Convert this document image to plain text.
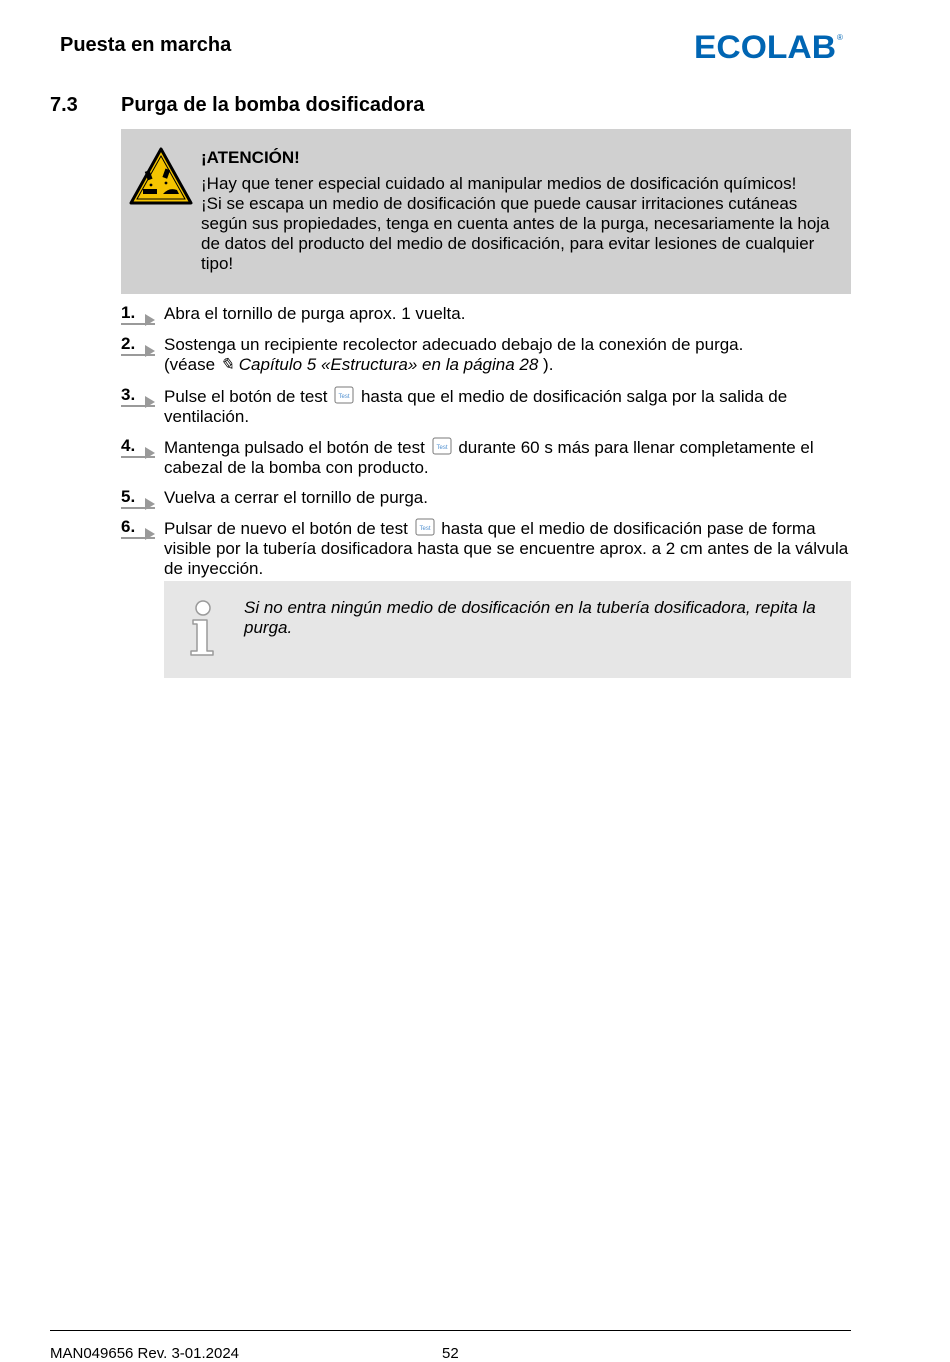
Puesta en marcha	ECOLAB ®
7.3 Purga de la bomba dosificadora
¡ATENCIÓN!
¡Hay que tener especial cuidado al manipular medios de dosificación químicos!
¡Si se escapa un medio de dosificación que puede causar irritaciones cutáneas según sus propiedades, tenga en cuenta antes de la purga, necesariamente la hoja de datos del producto del medio de dosificación, para evitar lesiones de cualquier tipo!
1.	Abra el tornillo de purga aprox. 1 vuelta.
2.	Sostenga un recipiente recolector adecuado debajo de la conexión de purga.
(véase ✎ Capítulo 5 «Estructura» en la página 28 ).
3.	Pulse el botón de test Test hasta que el medio de dosificación salga por la salida de ventilación.
4.	Mantenga pulsado el botón de test Test durante 60 s más para llenar completamente el cabezal de la bomba con producto.
5.	Vuelva a cerrar el tornillo de purga.
6.	Pulsar de nuevo el botón de test Test hasta que el medio de dosificación pase de forma visible por la tubería dosificadora hasta que se encuentre aprox. a 2 cm antes de la válvula de inyección.
Si no entra ningún medio de dosificación en la tubería dosificadora, repita la purga.
MAN049656 Rev. 3-01.2024	52
